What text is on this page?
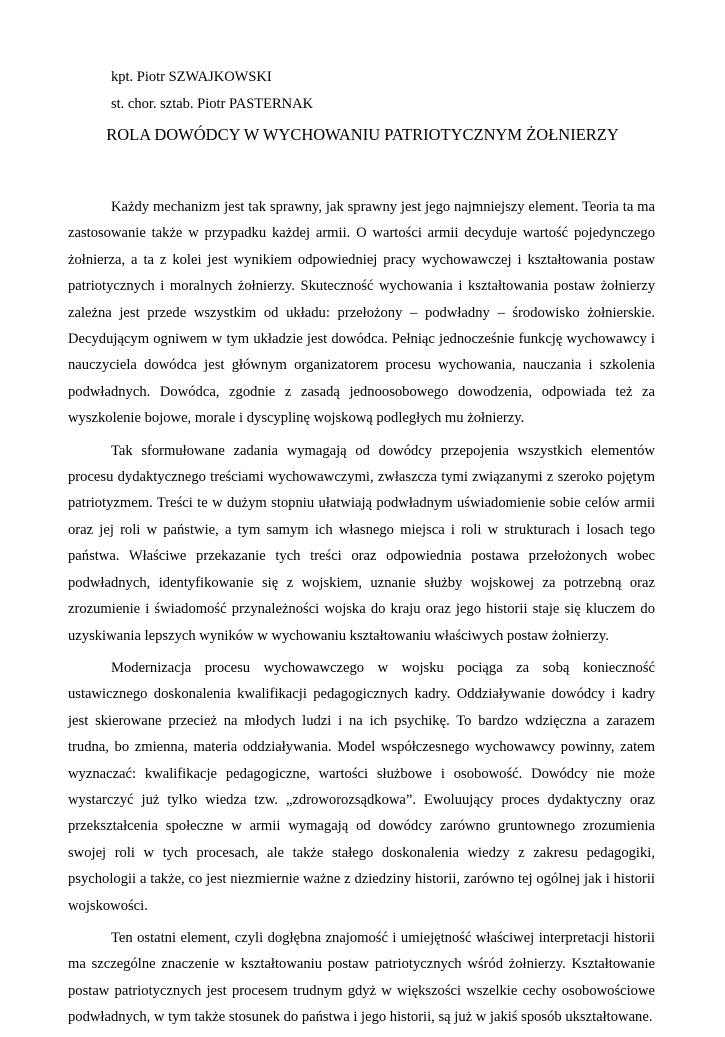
kpt. Piotr SZWAJKOWSKI
st. chor. sztab. Piotr PASTERNAK
ROLA DOWÓDCY W WYCHOWANIU PATRIOTYCZNYM ŻOŁNIERZY

Każdy mechanizm jest tak sprawny, jak sprawny jest jego najmniejszy element. Teoria ta ma zastosowanie także w przypadku każdej armii. O wartości armii decyduje wartość pojedynczego żołnierza, a ta z kolei jest wynikiem odpowiedniej pracy wychowawczej i kształtowania postaw patriotycznych i moralnych żołnierzy. Skuteczność wychowania i kształtowania postaw żołnierzy zależna jest przede wszystkim od układu: przełożony – podwładny – środowisko żołnierskie. Decydującym ogniwem w tym układzie jest dowódca. Pełniąc jednocześnie funkcję wychowawcy i nauczyciela dowódca jest głównym organizatorem procesu wychowania, nauczania i szkolenia podwładnych. Dowódca, zgodnie z zasadą jednoosobowego dowodzenia, odpowiada też za wyszkolenie bojowe, morale i dyscyplinę wojskową podległych mu żołnierzy.

Tak sformułowane zadania wymagają od dowódcy przepojenia wszystkich elementów procesu dydaktycznego treściami wychowawczymi, zwłaszcza tymi związanymi z szeroko pojętym patriotyzmem. Treści te w dużym stopniu ułatwiają podwładnym uświadomienie sobie celów armii oraz jej roli w państwie, a tym samym ich własnego miejsca i roli w strukturach i losach tego państwa. Właściwe przekazanie tych treści oraz odpowiednia postawa przełożonych wobec podwładnych, identyfikowanie się z wojskiem, uznanie służby wojskowej za potrzebną oraz zrozumienie i świadomość przynależności wojska do kraju oraz jego historii staje się kluczem do uzyskiwania lepszych wyników w wychowaniu kształtowaniu właściwych postaw żołnierzy.

Modernizacja procesu wychowawczego w wojsku pociąga za sobą konieczność ustawicznego doskonalenia kwalifikacji pedagogicznych kadry. Oddziaływanie dowódcy i kadry jest skierowane przecież na młodych ludzi i na ich psychikę. To bardzo wdzięczna a zarazem trudna, bo zmienna, materia oddziaływania. Model współczesnego wychowawcy powinny, zatem wyznaczać: kwalifikacje pedagogiczne, wartości służbowe i osobowość. Dowódcy nie może wystarczyć już tylko wiedza tzw. „zdroworozsądkowa”. Ewoluujący proces dydaktyczny oraz przekształcenia społeczne w armii wymagają od dowódcy zarówno gruntownego zrozumienia swojej roli w tych procesach, ale także stałego doskonalenia wiedzy z zakresu pedagogiki, psychologii a także, co jest niezmiernie ważne z dziedziny historii, zarówno tej ogólnej jak i historii wojskowości.

Ten ostatni element, czyli dogłębna znajomość i umiejętność właściwej interpretacji historii ma szczególne znaczenie w kształtowaniu postaw patriotycznych wśród żołnierzy. Kształtowanie postaw patriotycznych jest procesem trudnym gdyż w większości wszelkie cechy osobowościowe podwładnych, w tym także stosunek do państwa i jego historii, są już w jakiś sposób ukształtowane.
